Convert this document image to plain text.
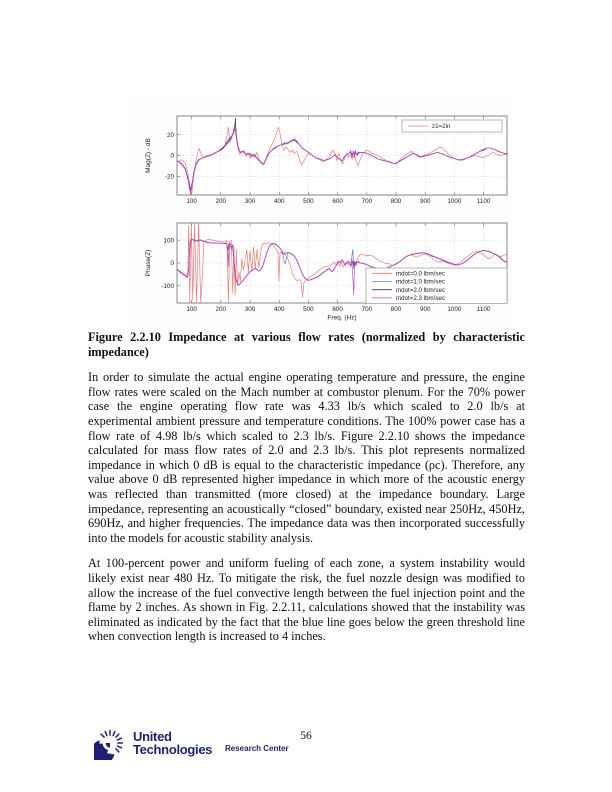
100	200	300	400	500	600	700	800	900	1000 1100
-20
0
20
Mag(Z) - dB
z1=2in
100	200	300	400	500	600	700	800	900	1000 1100
-100
0
100
Phase(Z)
Freq. (Hz)
mdot=0.0 lbm/sec
mdot=1.0 lbm/sec
mdot=2.0 lbm/sec
mdot=2.3 lbm/sec
Figure 2.2.10 Impedance at various flow rates (normalized by characteristic
impedance)

In order to simulate the actual engine operating temperature and pressure, the engine flow rates were scaled on the Mach number at combustor plenum. For the 70% power case the engine operating flow rate was 4.33 lb/s which scaled to 2.0 lb/s at experimental ambient pressure and temperature conditions. The 100% power case has a flow rate of 4.98 lb/s which scaled to 2.3 lb/s. Figure 2.2.10 shows the impedance calculated for mass flow rates of 2.0 and 2.3 lb/s. This plot represents normalized impedance in which 0 dB is equal to the characteristic impedance (ρc). Therefore, any value above 0 dB represented higher impedance in which more of the acoustic energy was reflected than transmitted (more closed) at the impedance boundary. Large impedance, representing an acoustically “closed” boundary, existed near 250Hz, 450Hz, 690Hz, and higher frequencies. The impedance data was then incorporated successfully into the models for acoustic stability analysis.

At 100-percent power and uniform fueling of each zone, a system instability would likely exist near 480 Hz. To mitigate the risk, the fuel nozzle design was modified to allow the increase of the fuel convective length between the fuel injection point and the flame by 2 inches. As shown in Fig. 2.2.11, calculations showed that the instability was eliminated as indicated by the fact that the blue line goes below the green threshold line when convection length is increased to 4 inches.

56
United
Technologies Research Center
